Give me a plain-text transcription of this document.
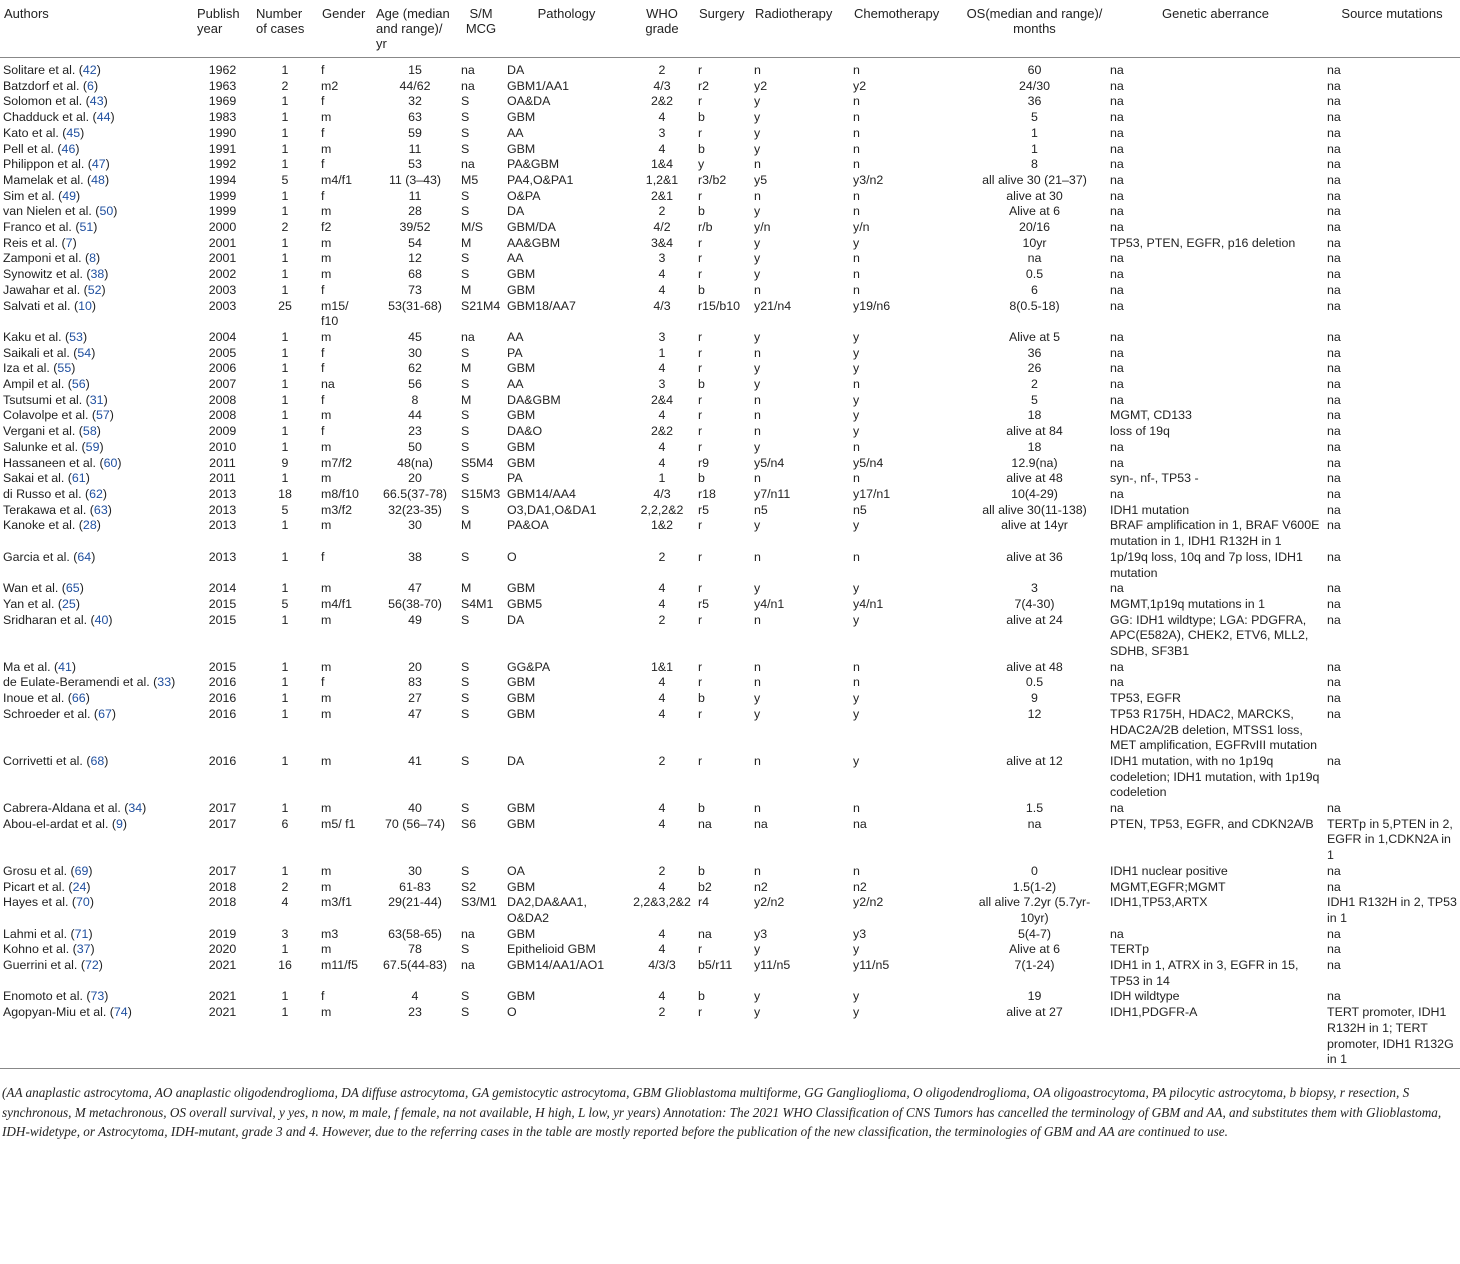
Authors	Publish year	Number of cases	Gender	Age (median and range)/ yr	S/M MCG	Pathology	WHO grade	Surgery	Radiotherapy	Chemotherapy	OS(median and range)/ months	Genetic aberrance	Source mutations
Solitare et al. (42)	1962	1	f	15	na	DA	2	r	n	n	60	na	na
Batzdorf et al. (6)	1963	2	m2	44/62	na	GBM1/AA1	4/3	r2	y2	y2	24/30	na	na
Solomon et al. (43)	1969	1	f	32	S	OA&DA	2&2	r	y	n	36	na	na
Chadduck et al. (44)	1983	1	m	63	S	GBM	4	b	y	n	5	na	na
Kato et al. (45)	1990	1	f	59	S	AA	3	r	y	n	1	na	na
Pell et al. (46)	1991	1	m	11	S	GBM	4	b	y	n	1	na	na
Philippon et al. (47)	1992	1	f	53	na	PA&GBM	1&4	y	n	n	8	na	na
Mamelak et al. (48)	1994	5	m4/f1	11 (3–43)	M5	PA4,O&PA1	1,2&1	r3/b2	y5	y3/n2	all alive 30 (21–37)	na	na
Sim et al. (49)	1999	1	f	11	S	O&PA	2&1	r	n	n	alive at 30	na	na
van Nielen et al. (50)	1999	1	m	28	S	DA	2	b	y	n	Alive at 6	na	na
Franco et al. (51)	2000	2	f2	39/52	M/S	GBM/DA	4/2	r/b	y/n	y/n	20/16	na	na
Reis et al. (7)	2001	1	m	54	M	AA&GBM	3&4	r	y	y	10yr	TP53, PTEN, EGFR, p16 deletion	na
Zamponi et al. (8)	2001	1	m	12	S	AA	3	r	y	n	na	na	na
Synowitz et al. (38)	2002	1	m	68	S	GBM	4	r	y	n	0.5	na	na
Jawahar et al. (52)	2003	1	f	73	M	GBM	4	b	n	n	6	na	na
Salvati et al. (10)	2003	25	m15/ f10	53(31-68)	S21M4	GBM18/AA7	4/3	r15/b10	y21/n4	y19/n6	8(0.5-18)	na	na
Kaku et al. (53)	2004	1	m	45	na	AA	3	r	y	y	Alive at 5	na	na
Saikali et al. (54)	2005	1	f	30	S	PA	1	r	n	y	36	na	na
Iza et al. (55)	2006	1	f	62	M	GBM	4	r	y	y	26	na	na
Ampil et al. (56)	2007	1	na	56	S	AA	3	b	y	n	2	na	na
Tsutsumi et al. (31)	2008	1	f	8	M	DA&GBM	2&4	r	n	y	5	na	na
Colavolpe et al. (57)	2008	1	m	44	S	GBM	4	r	n	y	18	MGMT, CD133	na
Vergani et al. (58)	2009	1	f	23	S	DA&O	2&2	r	n	y	alive at 84	loss of 19q	na
Salunke et al. (59)	2010	1	m	50	S	GBM	4	r	y	n	18	na	na
Hassaneen et al. (60)	2011	9	m7/f2	48(na)	S5M4	GBM	4	r9	y5/n4	y5/n4	12.9(na)	na	na
Sakai et al. (61)	2011	1	m	20	S	PA	1	b	n	n	alive at 48	syn-, nf-, TP53 -	na
di Russo et al. (62)	2013	18	m8/f10	66.5(37-78)	S15M3	GBM14/AA4	4/3	r18	y7/n11	y17/n1	10(4-29)	na	na
Terakawa et al. (63)	2013	5	m3/f2	32(23-35)	S	O3,DA1,O&DA1	2,2,2&2	r5	n5	n5	all alive 30(11-138)	IDH1 mutation	na
Kanoke et al. (28)	2013	1	m	30	M	PA&OA	1&2	r	y	y	alive at 14yr	BRAF amplification in 1, BRAF V600E mutation in 1, IDH1 R132H in 1	na
Garcia et al. (64)	2013	1	f	38	S	O	2	r	n	n	alive at 36	1p/19q loss, 10q and 7p loss, IDH1 mutation	na
Wan et al. (65)	2014	1	m	47	M	GBM	4	r	y	y	3	na	na
Yan et al. (25)	2015	5	m4/f1	56(38-70)	S4M1	GBM5	4	r5	y4/n1	y4/n1	7(4-30)	MGMT,1p19q mutations in 1	na
Sridharan et al. (40)	2015	1	m	49	S	DA	2	r	n	y	alive at 24	GG: IDH1 wildtype; LGA: PDGFRA, APC(E582A), CHEK2, ETV6, MLL2, SDHB, SF3B1	na
Ma et al. (41)	2015	1	m	20	S	GG&PA	1&1	r	n	n	alive at 48	na	na
de Eulate-Beramendi et al. (33)	2016	1	f	83	S	GBM	4	r	n	n	0.5	na	na
Inoue et al. (66)	2016	1	m	27	S	GBM	4	b	y	y	9	TP53, EGFR	na
Schroeder et al. (67)	2016	1	m	47	S	GBM	4	r	y	y	12	TP53 R175H, HDAC2, MARCKS, HDAC2A/2B deletion, MTSS1 loss, MET amplification, EGFRvIII mutation	na
Corrivetti et al. (68)	2016	1	m	41	S	DA	2	r	n	y	alive at 12	IDH1 mutation, with no 1p19q codeletion; IDH1 mutation, with 1p19q codeletion	na
Cabrera-Aldana et al. (34)	2017	1	m	40	S	GBM	4	b	n	n	1.5	na	na
Abou-el-ardat et al. (9)	2017	6	m5/ f1	70 (56–74)	S6	GBM	4	na	na	na	na	PTEN, TP53, EGFR, and CDKN2A/B	TERTp in 5,PTEN in 2, EGFR in 1,CDKN2A in 1
Grosu et al. (69)	2017	1	m	30	S	OA	2	b	n	n	0	IDH1 nuclear positive	na
Picart et al. (24)	2018	2	m	61-83	S2	GBM	4	b2	n2	n2	1.5(1-2)	MGMT,EGFR;MGMT	na
Hayes et al. (70)	2018	4	m3/f1	29(21-44)	S3/M1	DA2,DA&AA1, O&DA2	2,2&3,2&2	r4	y2/n2	y2/n2	all alive 7.2yr (5.7yr-10yr)	IDH1,TP53,ARTX	IDH1 R132H in 2, TP53 in 1
Lahmi et al. (71)	2019	3	m3	63(58-65)	na	GBM	4	na	y3	y3	5(4-7)	na	na
Kohno et al. (37)	2020	1	m	78	S	Epithelioid GBM	4	r	y	y	Alive at 6	TERTp	na
Guerrini et al. (72)	2021	16	m11/f5	67.5(44-83)	na	GBM14/AA1/AO1	4/3/3	b5/r11	y11/n5	y11/n5	7(1-24)	IDH1 in 1, ATRX in 3, EGFR in 15, TP53 in 14	na
Enomoto et al. (73)	2021	1	f	4	S	GBM	4	b	y	y	19	IDH wildtype	na
Agopyan-Miu et al. (74)	2021	1	m	23	S	O	2	r	y	y	alive at 27	IDH1,PDGFR-A	TERT promoter, IDH1 R132H in 1; TERT promoter, IDH1 R132G in 1
(AA anaplastic astrocytoma, AO anaplastic oligodendroglioma, DA diffuse astrocytoma, GA gemistocytic astrocytoma, GBM Glioblastoma multiforme, GG Ganglioglioma, O oligodendroglioma, OA oligoastrocytoma, PA pilocytic astrocytoma, b biopsy, r resection, S synchronous, M metachronous, OS overall survival, y yes, n now, m male, f female, na not available, H high, L low, yr years) Annotation: The 2021 WHO Classification of CNS Tumors has cancelled the terminology of GBM and AA, and substitutes them with Glioblastoma, IDH-widetype, or Astrocytoma, IDH-mutant, grade 3 and 4. However, due to the referring cases in the table are mostly reported before the publication of the new classification, the terminologies of GBM and AA are continued to use.
